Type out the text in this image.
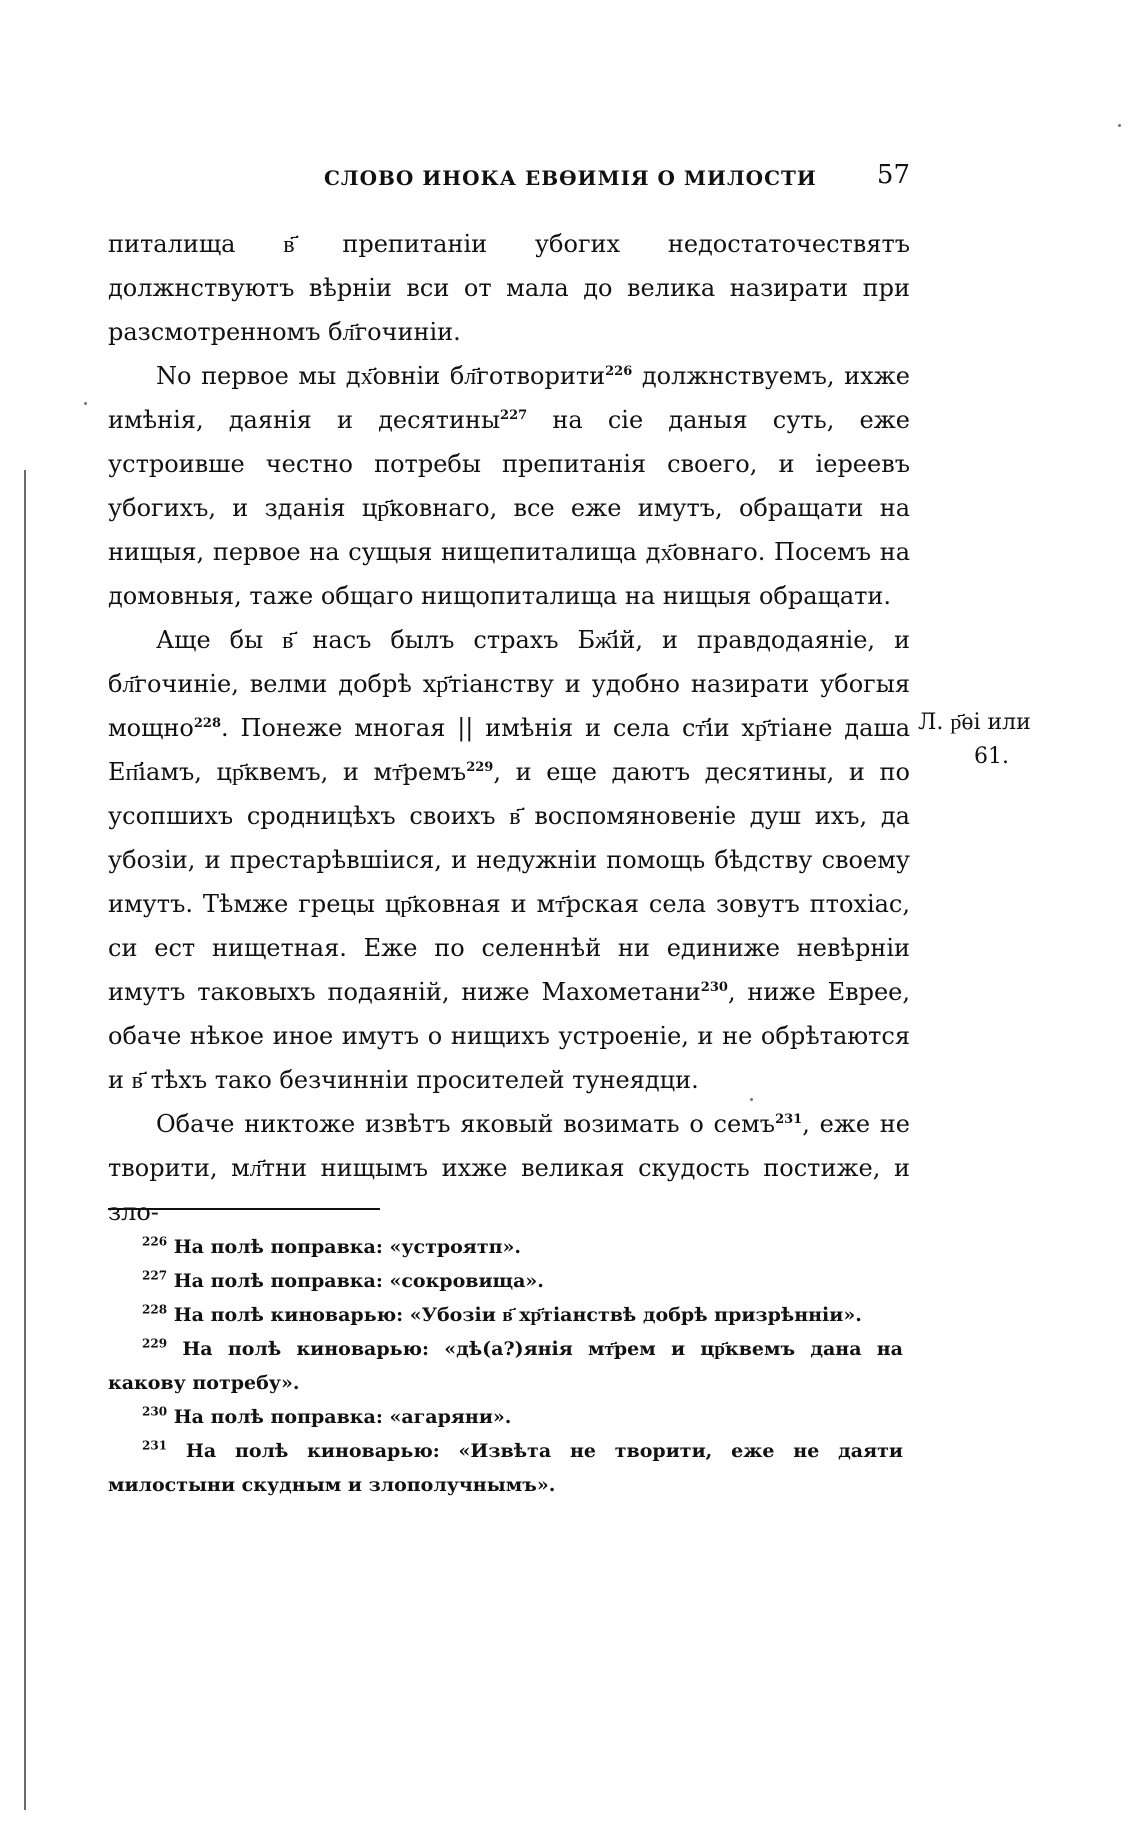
СЛОВО ИНОКА ЕВѲИМІЯ О МИЛОСТИ 57

питалища в҃ препитанiи убогих недостаточествятъ должнствуютъ вѣрнiи вси от мала до велика назирати при разсмотренномъ бл҃гочинiи.

Nо первое мы дх҃овнiи бл҃готворити$^{226}$ должнствуемъ, ихже имѣнiя, даянiя и десятины$^{227}$ на сiе даныя суть, еже устроивше честно потребы препитанiя своего, и iереевъ убогихъ, и зданiя цр҃ковнаго, все еже имутъ, обращати на нищыя, первое на сущыя нищепиталища дх҃овнаго. Посемъ на домовныя, таже общаго нищопиталища на нищыя обращати.

Аще бы в҃ насъ былъ страхъ Бж҃iй, и правдодаянiе, и бл҃гочинiе, велми добрѣ хр҃тiанству и удобно назирати убогыя мощно$^{228}$. Понеже многая || имѣнiя и села ст҃iи хр҃тiане даша Еп҃iамъ, цр҃квемъ, и мт҃ремъ$^{229}$, и еще даютъ десятины, и по усопшихъ сродницѣхъ своихъ в҃ воспомяновенiе душ ихъ, да убозiи, и престарѣвшiися, и недужнiи помощь бѣдству своему имутъ. Тѣмже грецы цр҃ковная и мт҃рская села зовутъ птохiас, си ест нищетная. Еже по селеннѣй ни единиже невѣрнiи имутъ таковыхъ подаянiй, ниже Махометани$^{230}$, ниже Евреe, обаче нѣкое иное имутъ о нищихъ устроенiе, и не обрѣтаются и в҃ тѣхъ тако безчиннiи просителей тунеядци.

Обаче никтоже извѣтъ яковый возимать о семъ$^{231}$, еже не творити, мл҃тни нищымъ ихже великая скудость постиже, и зло-

Л. р҃ѳi или
61.

$^{226}$ На полѣ поправка: «устроятп».

$^{227}$ На полѣ поправка: «сокровища».

$^{228}$ На полѣ киноварью: «Убозiи в҃ хр҃тiанствѣ добрѣ призрѣннiи».

$^{229}$ На полѣ киноварью: «дѣ(а?)янiя мт҃рем и цр҃квемъ дана на какову потребу».

$^{230}$ На полѣ поправка: «агаряни».

$^{231}$ На полѣ киноварью: «Извѣта не творити, еже не даяти милостыни скудным и злополучнымъ».
